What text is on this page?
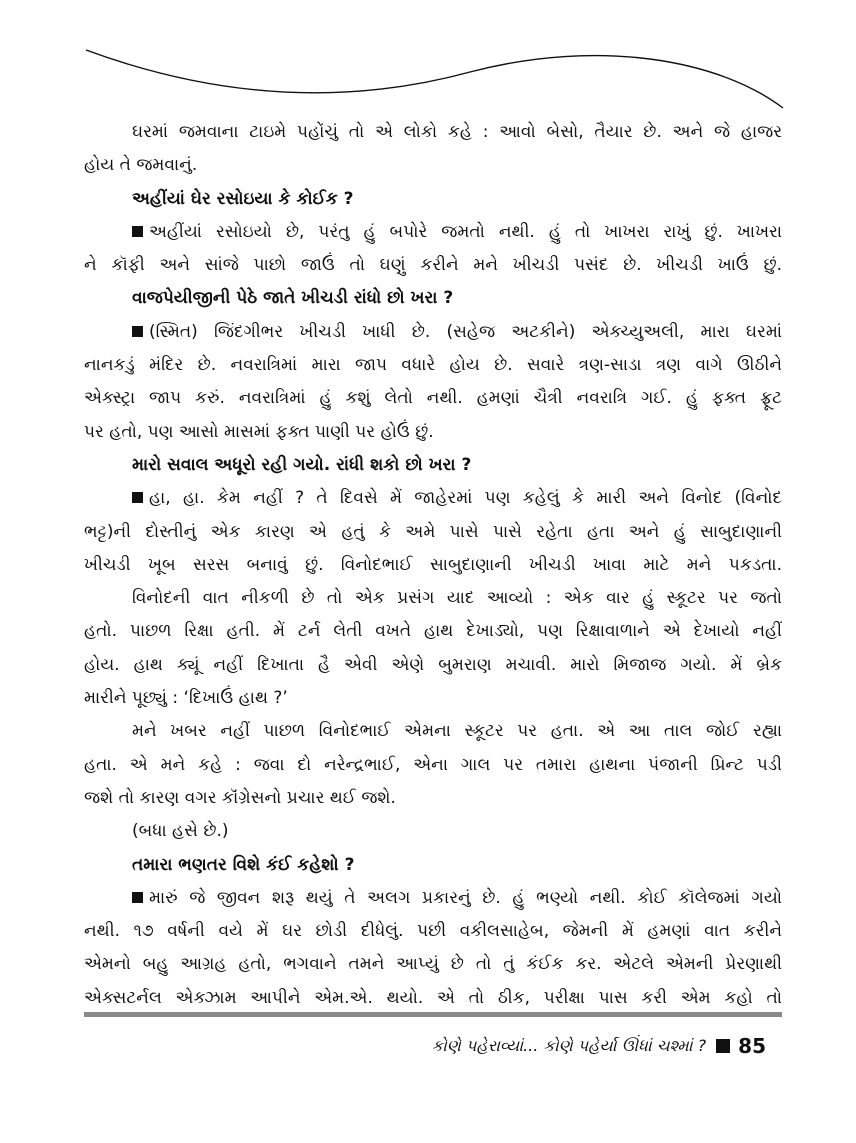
ઘરમાં જમવાના ટાઇમે પહોંચું તો એ લોકો કહે : આવો બેસો, તૈયાર છે. અને જે હાજર
હોય તે જમવાનું.
અહીંયાં ઘેર રસોઇયા કે કોઈક ?
અહીંયાં રસોઇયો છે, પરંતુ હું બપોરે જમતો નથી. હું તો ખાખરા રાખું છું. ખાખરા
ને કૉફી અને સાંજે પાછો જાઉં તો ઘણું કરીને મને ખીચડી પસંદ છે. ખીચડી ખાઉં છું.
વાજપેયીજીની પેઠે જાતે ખીચડી રાંધો છો ખરા ?
(સ્મિત) જિંદગીભર ખીચડી ખાધી છે. (સહેજ અટકીને) એક્ચ્યુઅલી, મારા ઘરમાં
નાનકડું મંદિર છે. નવરાત્રિમાં મારા જાપ વધારે હોય છે. સવારે ત્રણ-સાડા ત્રણ વાગે ઊઠીને
એક્સ્ટ્રા જાપ કરું. નવરાત્રિમાં હું કશું લેતો નથી. હમણાં ચૈત્રી નવરાત્રિ ગઈ. હું ફક્ત ફ્રૂટ
પર હતો, પણ આસો માસમાં ફક્ત પાણી પર હોઉં છું.
મારો સવાલ અધૂરો રહી ગયો. રાંધી શકો છો ખરા ?
હા, હા. કેમ નહીં ? તે દિવસે મેં જાહેરમાં પણ કહેલું કે મારી અને વિનોદ (વિનોદ
ભટ્ટ)ની દોસ્તીનું એક કારણ એ હતું કે અમે પાસે પાસે રહેતા હતા અને હું સાબુદાણાની
ખીચડી ખૂબ સરસ બનાવું છું. વિનોદભાઈ સાબુદાણાની ખીચડી ખાવા માટે મને પકડતા.
વિનોદની વાત નીકળી છે તો એક પ્રસંગ યાદ આવ્યો : એક વાર હું સ્કૂટર પર જતો
હતો. પાછળ રિક્ષા હતી. મેં ટર્ન લેતી વખતે હાથ દેખાડ્યો, પણ રિક્ષાવાળાને એ દેખાયો નહીં
હોય. હાથ ક્યૂં નહીં દિખાતા હૈ એવી એણે બુમરાણ મચાવી. મારો મિજાજ ગયો. મેં બ્રેક
મારીને પૂછ્યું : ‘દિખાઉં હાથ ?’
મને ખબર નહીં પાછળ વિનોદભાઈ એમના સ્કૂટર પર હતા. એ આ તાલ જોઈ રહ્યા
હતા. એ મને કહે : જવા દો નરેન્દ્રભાઈ, એના ગાલ પર તમારા હાથના પંજાની પ્રિન્ટ પડી
જશે તો કારણ વગર કૉંગ્રેસનો પ્રચાર થઈ જશે.
(બધા હસે છે.)
તમારા ભણતર વિશે કંઈ કહેશો ?
મારું જે જીવન શરૂ થયું તે અલગ પ્રકારનું છે. હું ભણ્યો નથી. કોઈ કૉલેજમાં ગયો
નથી. ૧૭ વર્ષની વયે મેં ઘર છોડી દીધેલું. પછી વકીલસાહેબ, જેમની મેં હમણાં વાત કરીને
એમનો બહુ આગ્રહ હતો, ભગવાને તમને આપ્યું છે તો તું કંઈક કર. એટલે એમની પ્રેરણાથી
એક્સટર્નલ એક્ઝામ આપીને એમ.એ. થયો. એ તો ઠીક, પરીક્ષા પાસ કરી એમ કહો તો
કોણે પહેરાવ્યાં... કોણે પહેર્યા ઊંધાં ચશ્માં ? 85
